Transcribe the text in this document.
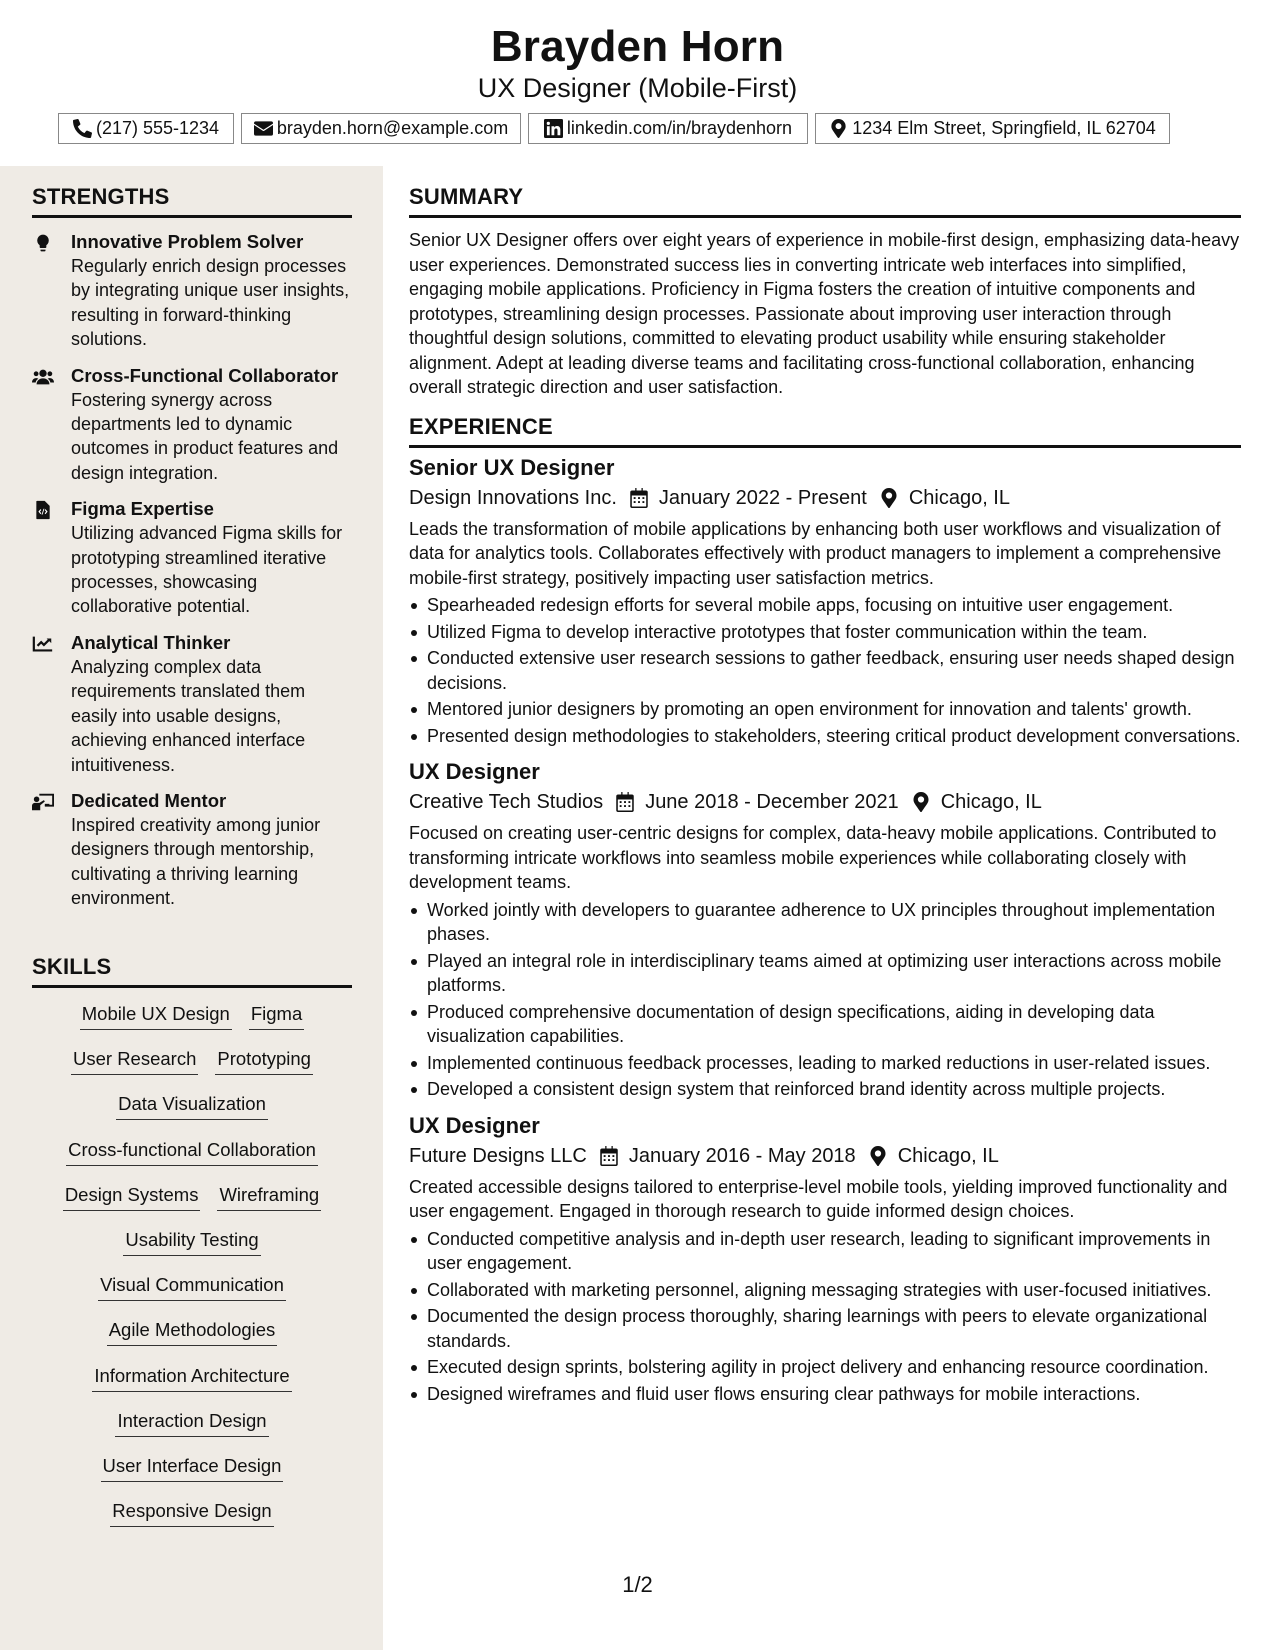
Brayden Horn
UX Designer (Mobile-First)
(217) 555-1234	brayden.horn@example.com	linkedin.com/in/braydenhorn	1234 Elm Street, Springfield, IL 62704
STRENGTHS
Innovative Problem Solver
Regularly enrich design processes by integrating unique user insights, resulting in forward-thinking solutions.
Cross-Functional Collaborator
Fostering synergy across departments led to dynamic outcomes in product features and design integration.
Figma Expertise
Utilizing advanced Figma skills for prototyping streamlined iterative processes, showcasing collaborative potential.
Analytical Thinker
Analyzing complex data requirements translated them easily into usable designs, achieving enhanced interface intuitiveness.
Dedicated Mentor
Inspired creativity among junior designers through mentorship, cultivating a thriving learning environment.
SKILLS
Mobile UX Design Figma
User Research Prototyping
Data Visualization
Cross-functional Collaboration
Design Systems Wireframing
Usability Testing
Visual Communication
Agile Methodologies
Information Architecture
Interaction Design
User Interface Design
Responsive Design
SUMMARY
Senior UX Designer offers over eight years of experience in mobile-first design, emphasizing data-heavy user experiences. Demonstrated success lies in converting intricate web interfaces into simplified, engaging mobile applications. Proficiency in Figma fosters the creation of intuitive components and prototypes, streamlining design processes. Passionate about improving user interaction through thoughtful design solutions, committed to elevating product usability while ensuring stakeholder alignment. Adept at leading diverse teams and facilitating cross-functional collaboration, enhancing overall strategic direction and user satisfaction.
EXPERIENCE
Senior UX Designer
Design Innovations Inc. January 2022 - Present Chicago, IL
Leads the transformation of mobile applications by enhancing both user workflows and visualization of data for analytics tools. Collaborates effectively with product managers to implement a comprehensive mobile-first strategy, positively impacting user satisfaction metrics.
Spearheaded redesign efforts for several mobile apps, focusing on intuitive user engagement.
Utilized Figma to develop interactive prototypes that foster communication within the team.
Conducted extensive user research sessions to gather feedback, ensuring user needs shaped design decisions.
Mentored junior designers by promoting an open environment for innovation and talents' growth.
Presented design methodologies to stakeholders, steering critical product development conversations.
UX Designer
Creative Tech Studios June 2018 - December 2021 Chicago, IL
Focused on creating user-centric designs for complex, data-heavy mobile applications. Contributed to transforming intricate workflows into seamless mobile experiences while collaborating closely with development teams.
Worked jointly with developers to guarantee adherence to UX principles throughout implementation phases.
Played an integral role in interdisciplinary teams aimed at optimizing user interactions across mobile platforms.
Produced comprehensive documentation of design specifications, aiding in developing data visualization capabilities.
Implemented continuous feedback processes, leading to marked reductions in user-related issues.
Developed a consistent design system that reinforced brand identity across multiple projects.
UX Designer
Future Designs LLC January 2016 - May 2018 Chicago, IL
Created accessible designs tailored to enterprise-level mobile tools, yielding improved functionality and user engagement. Engaged in thorough research to guide informed design choices.
Conducted competitive analysis and in-depth user research, leading to significant improvements in user engagement.
Collaborated with marketing personnel, aligning messaging strategies with user-focused initiatives.
Documented the design process thoroughly, sharing learnings with peers to elevate organizational standards.
Executed design sprints, bolstering agility in project delivery and enhancing resource coordination.
Designed wireframes and fluid user flows ensuring clear pathways for mobile interactions.
1/2
